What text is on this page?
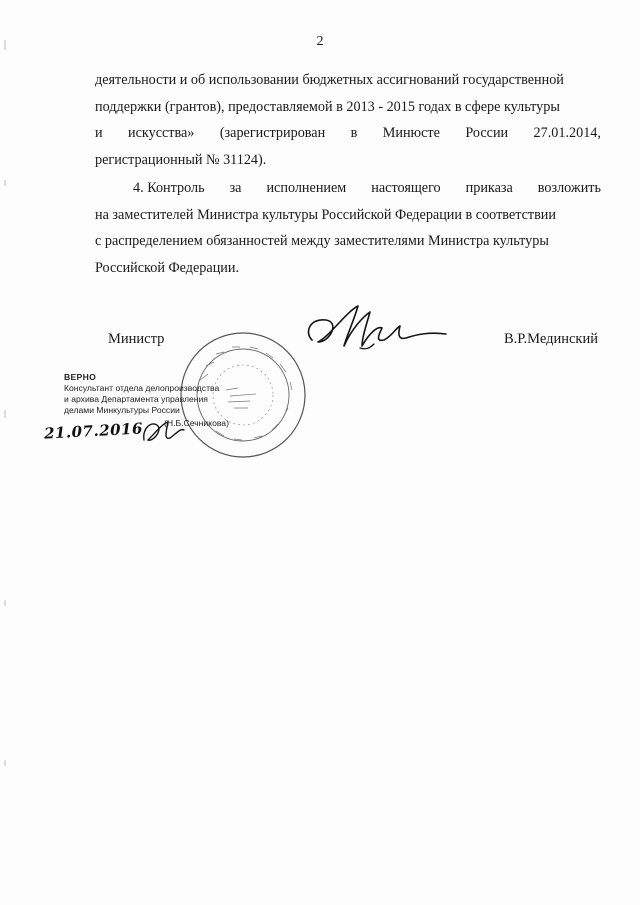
2
деятельности и об использовании бюджетных ассигнований государственной
поддержки (грантов), предоставляемой в 2013 - 2015 годах в сфере культуры
и искусства» (зарегистрирован в Минюсте России 27.01.2014,
регистрационный № 31124).
4. Контроль за исполнением настоящего приказа возложить
на заместителей Министра культуры Российской Федерации в соответствии
с распределением обязанностей между заместителями Министра культуры
Российской Федерации.
Министр	В.Р.Мединский
ВЕРНО
Консультант отдела делопроизводства
и архива Департамента управления
делами Минкультуры России
(Н.Б.Сечникова)
21.07.2016
